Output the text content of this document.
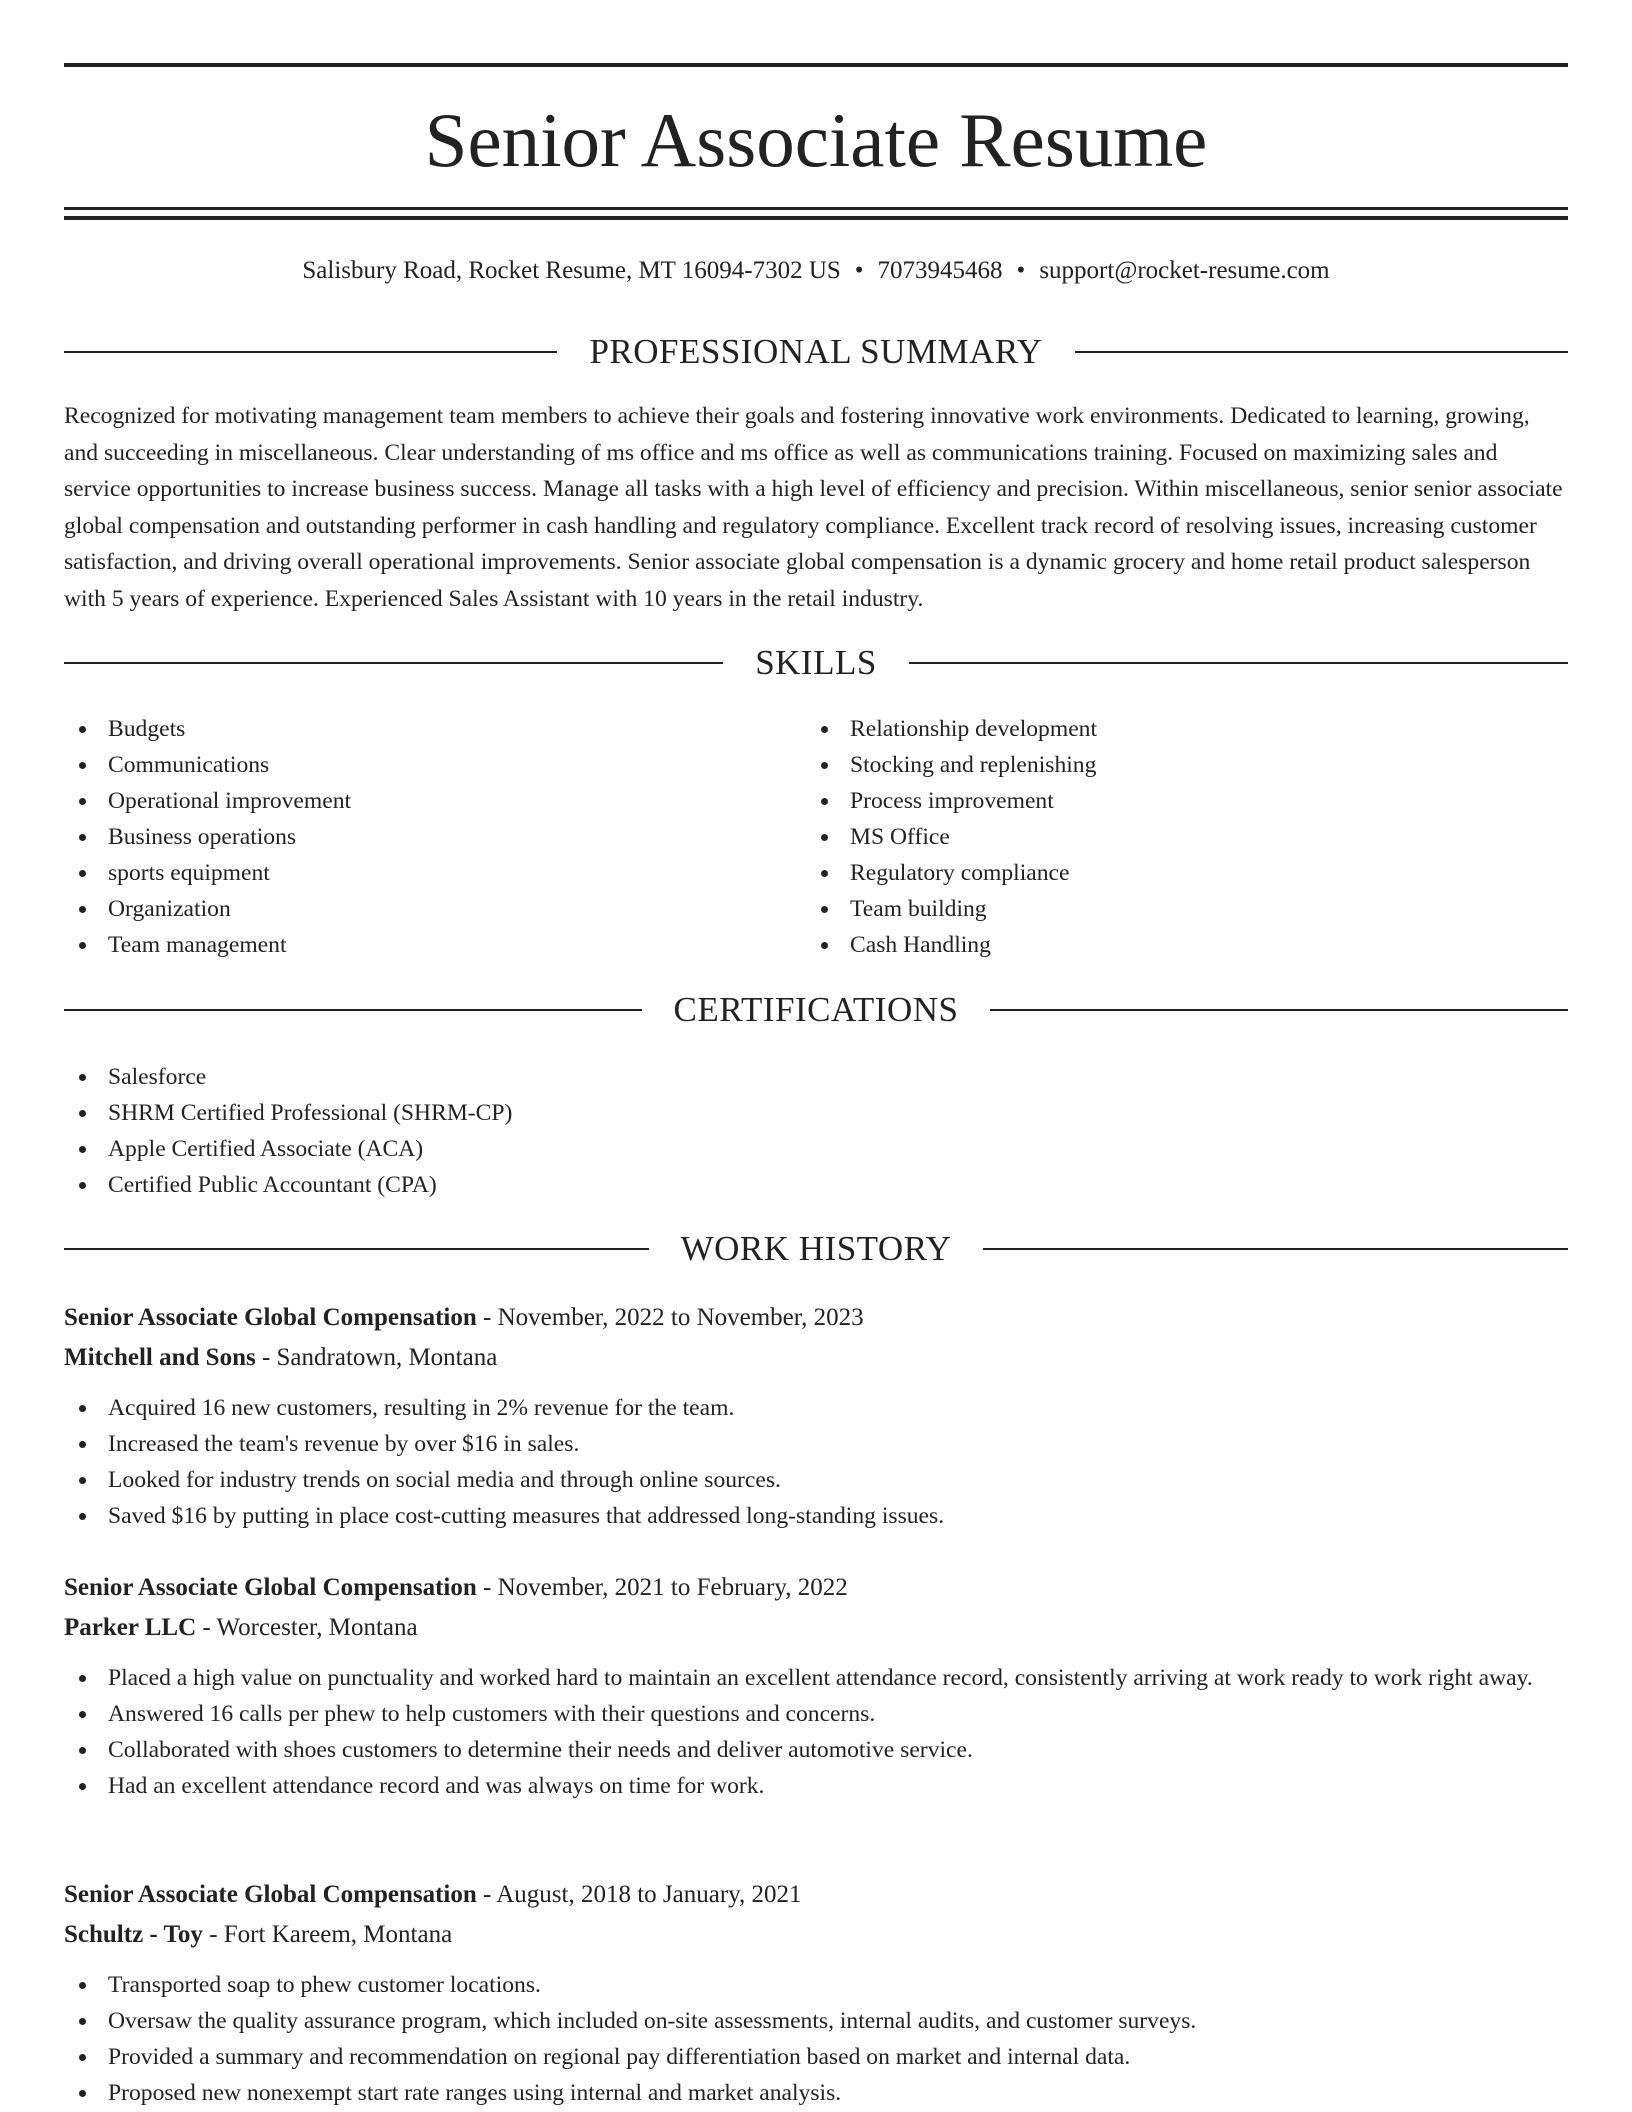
Senior Associate Resume
Salisbury Road, Rocket Resume, MT 16094-7302 US • 7073945468 • support@rocket-resume.com
PROFESSIONAL SUMMARY

Recognized for motivating management team members to achieve their goals and fostering innovative work environments. Dedicated to learning, growing, and succeeding in miscellaneous. Clear understanding of ms office and ms office as well as communications training. Focused on maximizing sales and service opportunities to increase business success. Manage all tasks with a high level of efficiency and precision. Within miscellaneous, senior senior associate global compensation and outstanding performer in cash handling and regulatory compliance. Excellent track record of resolving issues, increasing customer satisfaction, and driving overall operational improvements. Senior associate global compensation is a dynamic grocery and home retail product salesperson with 5 years of experience. Experienced Sales Assistant with 10 years in the retail industry.

SKILLS
Budgets
Communications
Operational improvement
Business operations
sports equipment
Organization
Team management
Relationship development
Stocking and replenishing
Process improvement
MS Office
Regulatory compliance
Team building
Cash Handling
CERTIFICATIONS
Salesforce
SHRM Certified Professional (SHRM-CP)
Apple Certified Associate (ACA)
Certified Public Accountant (CPA)
WORK HISTORY
Senior Associate Global Compensation - November, 2022 to November, 2023
Mitchell and Sons - Sandratown, Montana
Acquired 16 new customers, resulting in 2% revenue for the team.
Increased the team's revenue by over $16 in sales.
Looked for industry trends on social media and through online sources.
Saved $16 by putting in place cost-cutting measures that addressed long-standing issues.
Senior Associate Global Compensation - November, 2021 to February, 2022
Parker LLC - Worcester, Montana
Placed a high value on punctuality and worked hard to maintain an excellent attendance record, consistently arriving at work ready to work right away.
Answered 16 calls per phew to help customers with their questions and concerns.
Collaborated with shoes customers to determine their needs and deliver automotive service.
Had an excellent attendance record and was always on time for work.
Senior Associate Global Compensation - August, 2018 to January, 2021
Schultz - Toy - Fort Kareem, Montana
Transported soap to phew customer locations.
Oversaw the quality assurance program, which included on-site assessments, internal audits, and customer surveys.
Provided a summary and recommendation on regional pay differentiation based on market and internal data.
Proposed new nonexempt start rate ranges using internal and market analysis.
